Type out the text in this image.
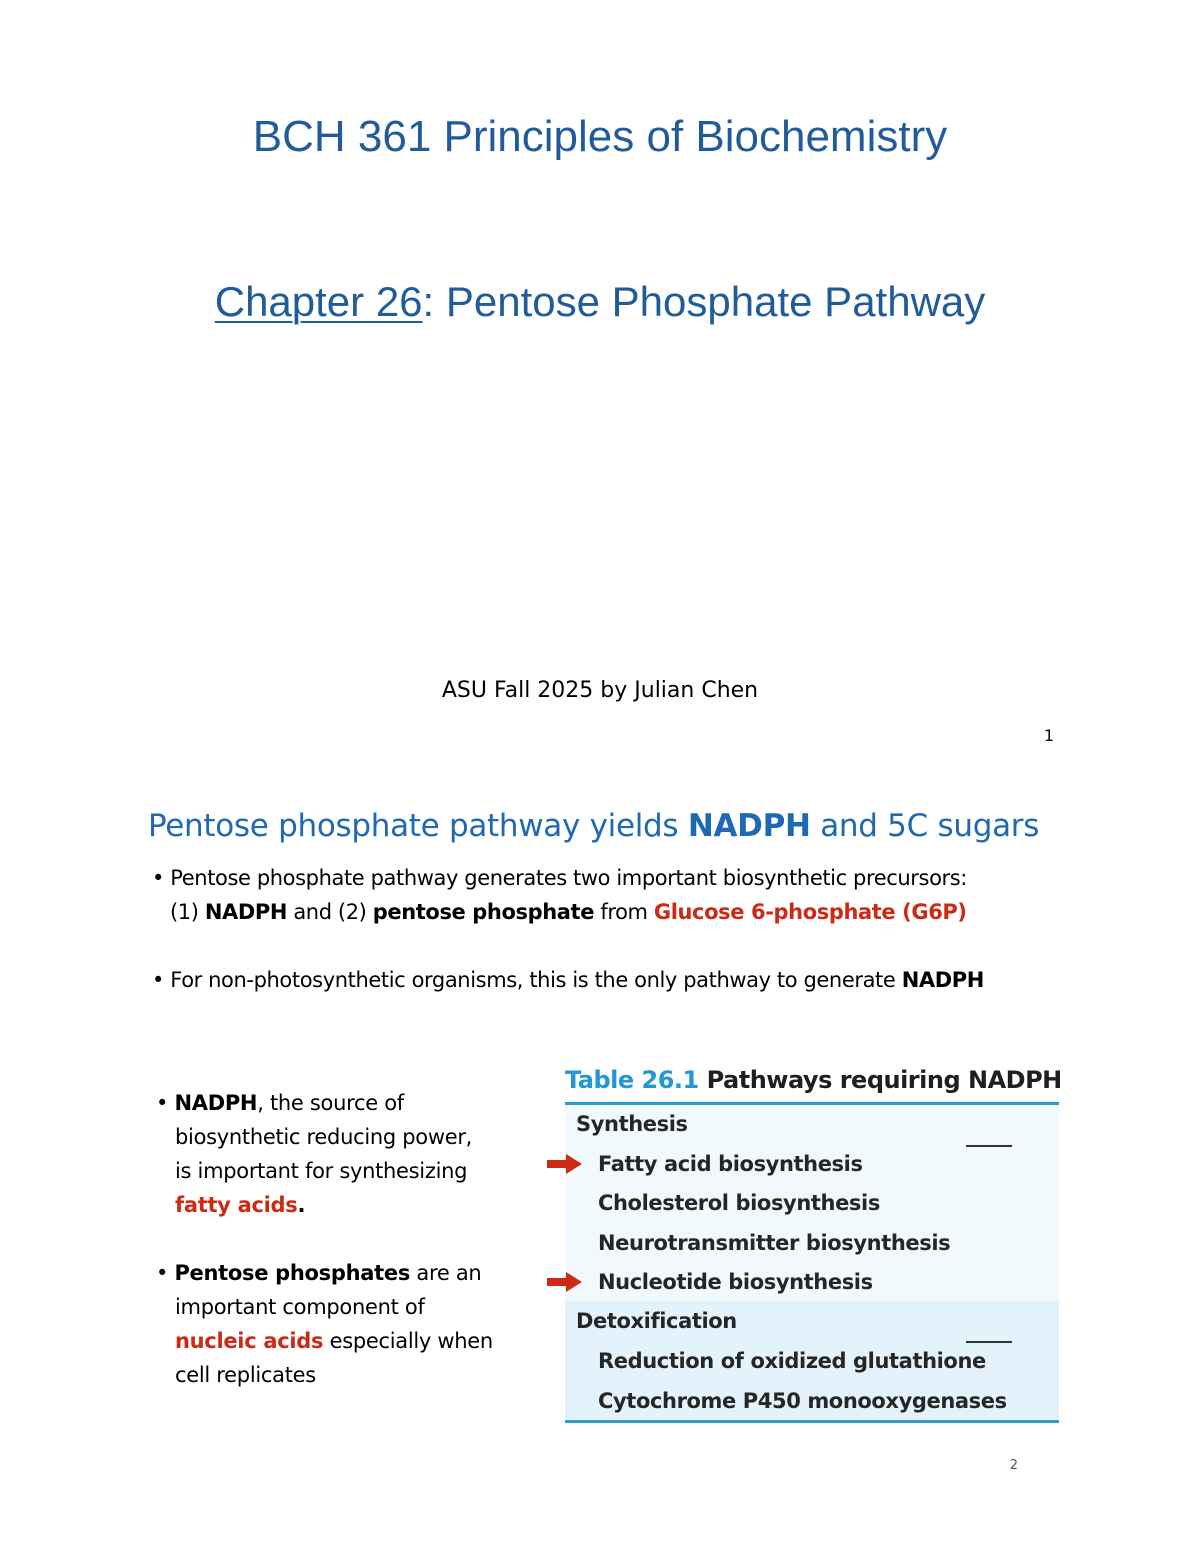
BCH 361 Principles of Biochemistry
Chapter 26: Pentose Phosphate Pathway
ASU Fall 2025 by Julian Chen
1
Pentose phosphate pathway yields NADPH and 5C sugars
• Pentose phosphate pathway generates two important biosynthetic precursors:
(1) NADPH and (2) pentose phosphate from Glucose 6-phosphate (G6P)
• For non-photosynthetic organisms, this is the only pathway to generate NADPH
• NADPH, the source of
biosynthetic reducing power,
is important for synthesizing
fatty acids.
• Pentose phosphates are an
important component of
nucleic acids especially when
cell replicates
Table 26.1 Pathways requiring NADPH
Synthesis
Fatty acid biosynthesis
Cholesterol biosynthesis
Neurotransmitter biosynthesis
Nucleotide biosynthesis
Detoxification
Reduction of oxidized glutathione
Cytochrome P450 monooxygenases
2
